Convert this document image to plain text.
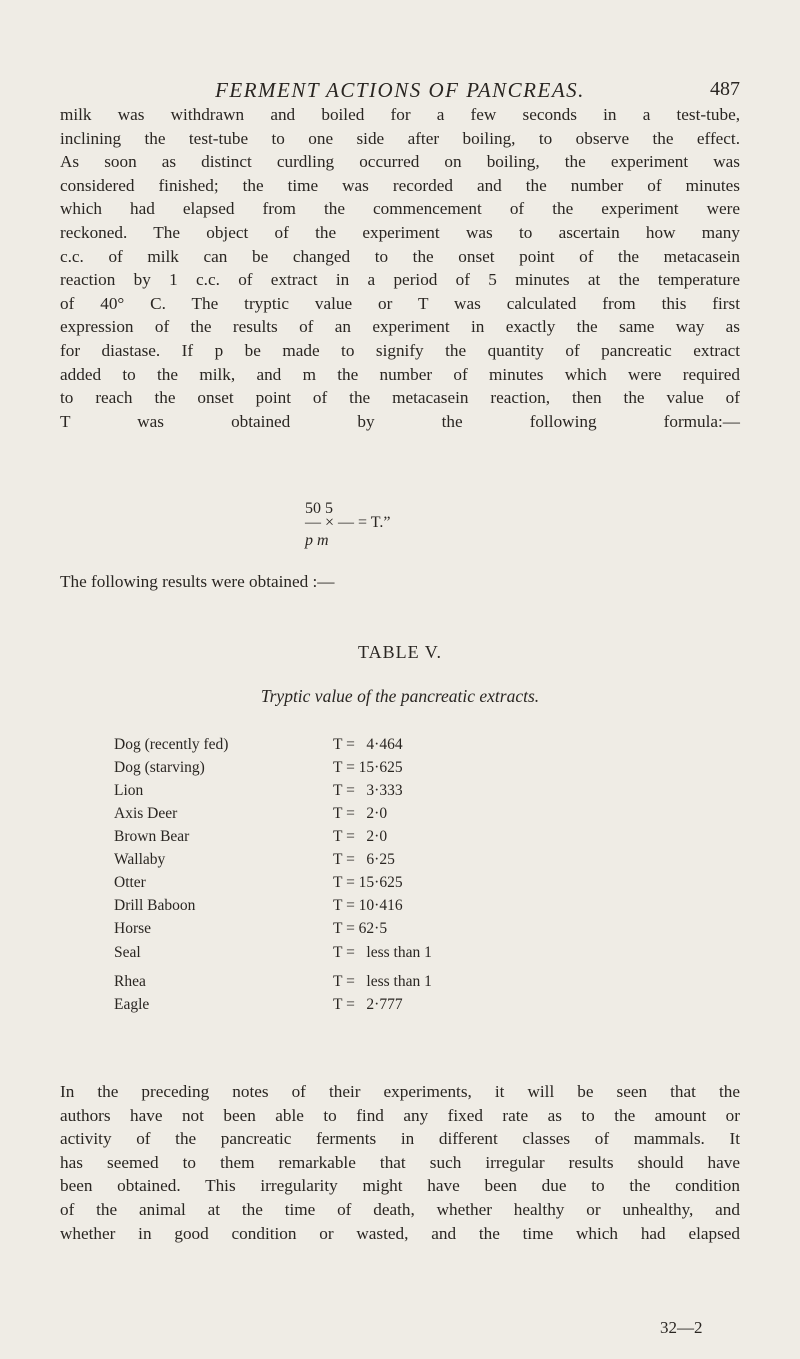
FERMENT ACTIONS OF PANCREAS.	487
milk was withdrawn and boiled for a few seconds in a test-tube,
inclining the test-tube to one side after boiling, to observe the effect.
As soon as distinct curdling occurred on boiling, the experiment was
considered finished; the time was recorded and the number of minutes
which had elapsed from the commencement of the experiment were
reckoned. The object of the experiment was to ascertain how many
c.c. of milk can be changed to the onset point of the metacasein
reaction by 1 c.c. of extract in a period of 5 minutes at the temperature
of 40° C. The tryptic value or T was calculated from this first
expression of the results of an experiment in exactly the same way as
for diastase. If p be made to signify the quantity of pancreatic extract
added to the milk, and m the number of minutes which were required
to reach the onset point of the metacasein reaction, then the value of
T was obtained by the following formula:—
50 5
— × — = T.”
p m
The following results were obtained :—
TABLE V.
Tryptic value of the pancreatic extracts.
Dog (recently fed)	T =   4·464
Dog (starving)	T = 15·625
Lion	T =   3·333
Axis Deer	T =   2·0
Brown Bear	T =   2·0
Wallaby	T =   6·25
Otter	T = 15·625
Drill Baboon	T = 10·416
Horse	T = 62·5
Seal	T =   less than 1
Rhea	T =   less than 1
Eagle	T =   2·777
In the preceding notes of their experiments, it will be seen that the
authors have not been able to find any fixed rate as to the amount or
activity of the pancreatic ferments in different classes of mammals. It
has seemed to them remarkable that such irregular results should have
been obtained. This irregularity might have been due to the condition
of the animal at the time of death, whether healthy or unhealthy, and
whether in good condition or wasted, and the time which had elapsed
32—2
